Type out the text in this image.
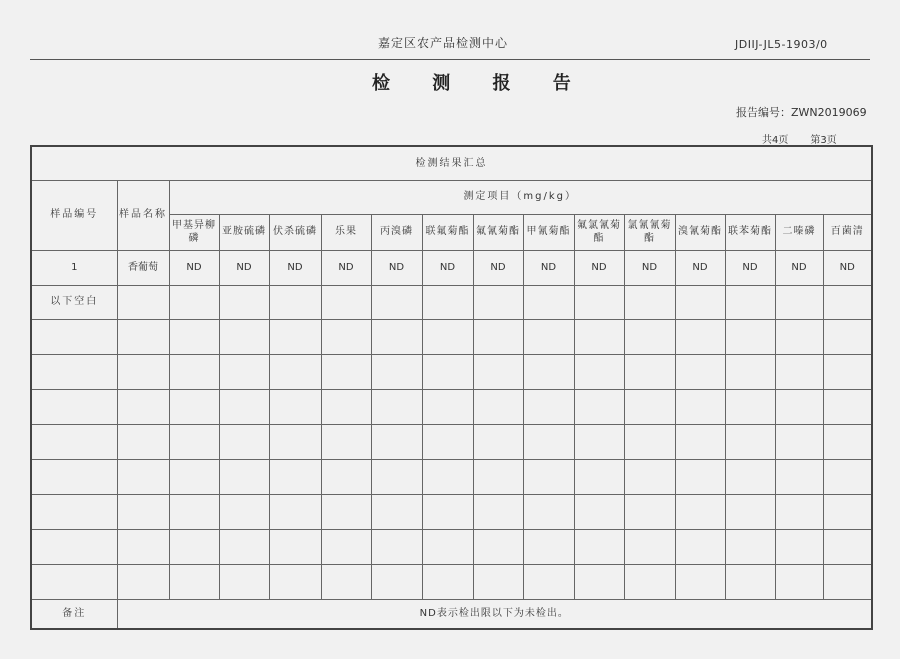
嘉定区农产品检测中心	JDIIJ-JL5-1903/0
检 测 报 告
报告编号：ZWN2019069
共4页 第3页
检测结果汇总															
样品编号	样品名称	测定项目（mg/kg）													
		甲基异柳磷	亚胺硫磷	伏杀硫磷	乐果	丙溴磷	联氟菊酯	氟氰菊酯	甲氰菊酯	氟氯氰菊酯	氯氰氰菊酯	溴氰菊酯	联苯菊酯	二嗪磷	百菌清
1	香葡萄	ND	ND	ND	ND	ND	ND	ND	ND	ND	ND	ND	ND	ND	ND
以下空白															

备注	ND表示检出限以下为未检出。														
